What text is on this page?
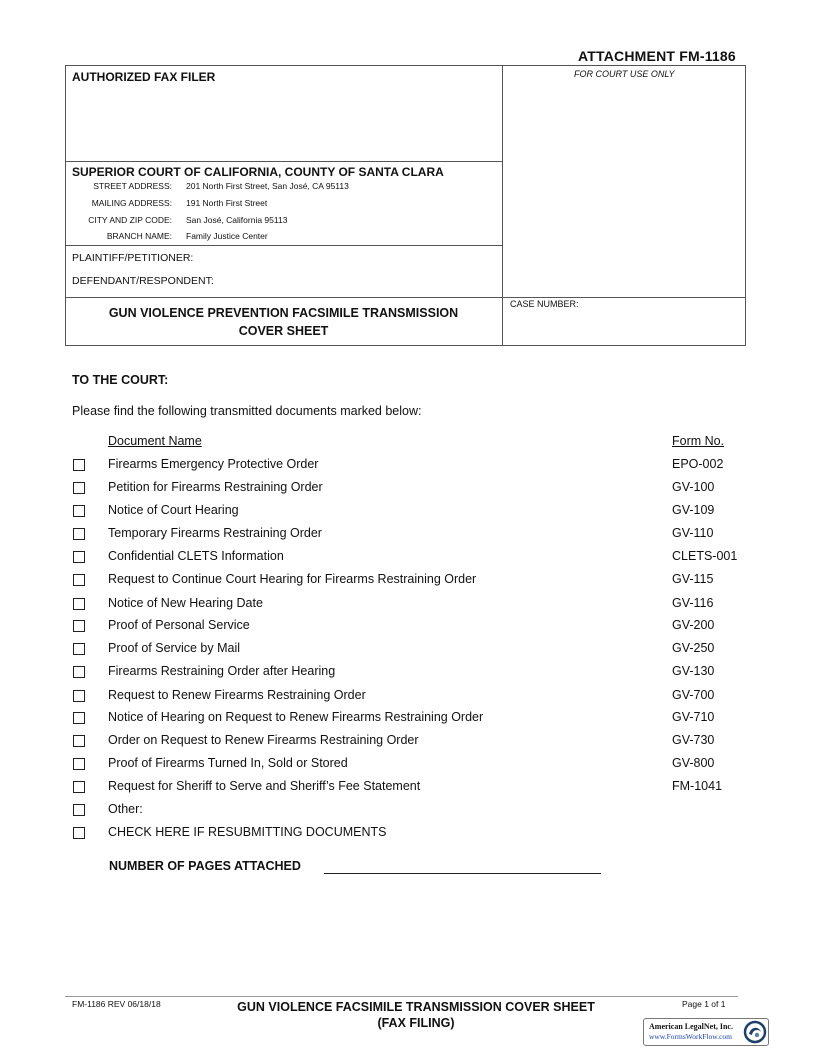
ATTACHMENT FM-1186
AUTHORIZED FAX FILER	FOR COURT USE ONLY
SUPERIOR COURT OF CALIFORNIA, COUNTY OF SANTA CLARA
STREET ADDRESS: 201 North First Street, San José, CA 95113
MAILING ADDRESS: 191 North First Street
CITY AND ZIP CODE: San José, California 95113
BRANCH NAME: Family Justice Center
PLAINTIFF/PETITIONER:
DEFENDANT/RESPONDENT:
GUN VIOLENCE PREVENTION FACSIMILE TRANSMISSION
COVER SHEET
CASE NUMBER:
TO THE COURT:
Please find the following transmitted documents marked below:
Document Name	Form No.
Firearms Emergency Protective Order	EPO-002
Petition for Firearms Restraining Order	GV-100
Notice of Court Hearing	GV-109
Temporary Firearms Restraining Order	GV-110
Confidential CLETS Information	CLETS-001
Request to Continue Court Hearing for Firearms Restraining Order	GV-115
Notice of New Hearing Date	GV-116
Proof of Personal Service	GV-200
Proof of Service by Mail	GV-250
Firearms Restraining Order after Hearing	GV-130
Request to Renew Firearms Restraining Order	GV-700
Notice of Hearing on Request to Renew Firearms Restraining Order	GV-710
Order on Request to Renew Firearms Restraining Order	GV-730
Proof of Firearms Turned In, Sold or Stored	GV-800
Request for Sheriff to Serve and Sheriff’s Fee Statement	FM-1041
Other:
CHECK HERE IF RESUBMITTING DOCUMENTS
NUMBER OF PAGES ATTACHED
FM-1186 REV 06/18/18	GUN VIOLENCE FACSIMILE TRANSMISSION COVER SHEET
(FAX FILING)
Page 1 of 1
American LegalNet, Inc.
www.FormsWorkFlow.com
